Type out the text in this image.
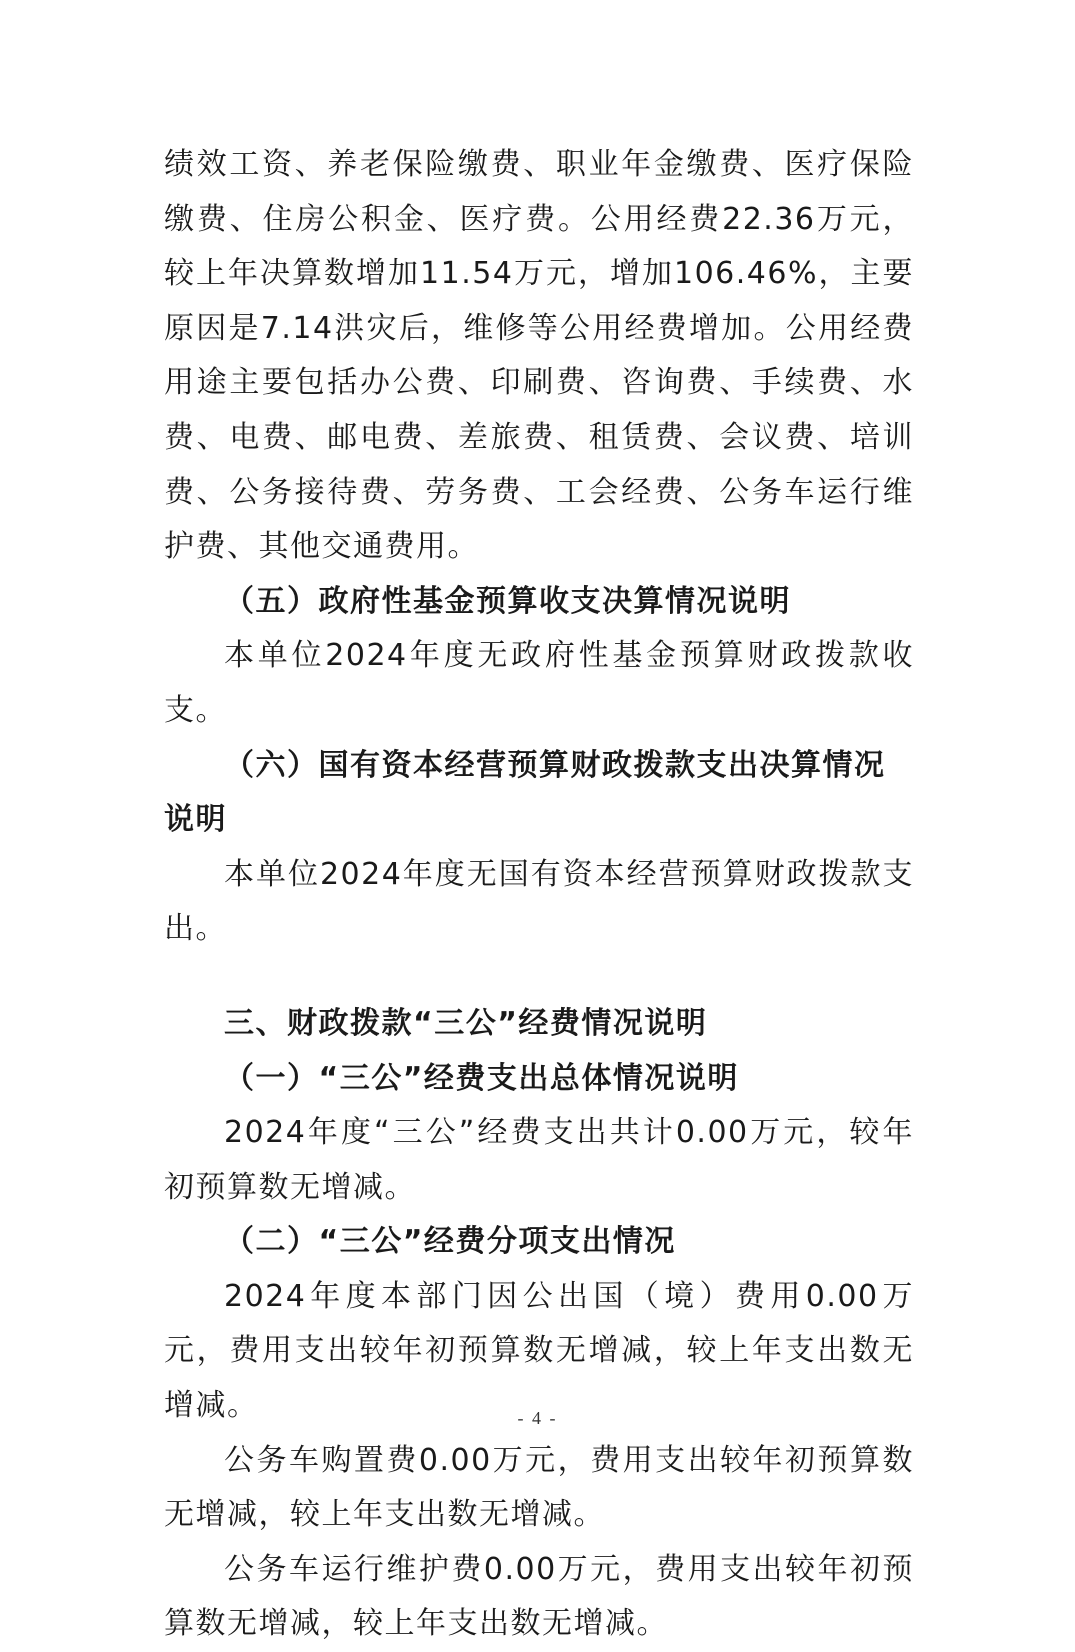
绩效工资、养老保险缴费、职业年金缴费、医疗保险缴费、住房公积金、医疗费。公用经费22.36万元，较上年决算数增加11.54万元，增加106.46%，主要原因是7.14洪灾后，维修等公用经费增加。公用经费用途主要包括办公费、印刷费、咨询费、手续费、水费、电费、邮电费、差旅费、租赁费、会议费、培训费、公务接待费、劳务费、工会经费、公务车运行维护费、其他交通费用。

（五）政府性基金预算收支决算情况说明

本单位2024年度无政府性基金预算财政拨款收支。

（六）国有资本经营预算财政拨款支出决算情况说明

本单位2024年度无国有资本经营预算财政拨款支出。

三、财政拨款“三公”经费情况说明

（一）“三公”经费支出总体情况说明

2024年度“三公”经费支出共计0.00万元，较年初预算数无增减。

（二）“三公”经费分项支出情况

2024年度本部门因公出国（境）费用0.00万元，费用支出较年初预算数无增减，较上年支出数无增减。

公务车购置费0.00万元，费用支出较年初预算数无增减，较上年支出数无增减。

公务车运行维护费0.00万元，费用支出较年初预算数无增减，较上年支出数无增减。

- 4 -
